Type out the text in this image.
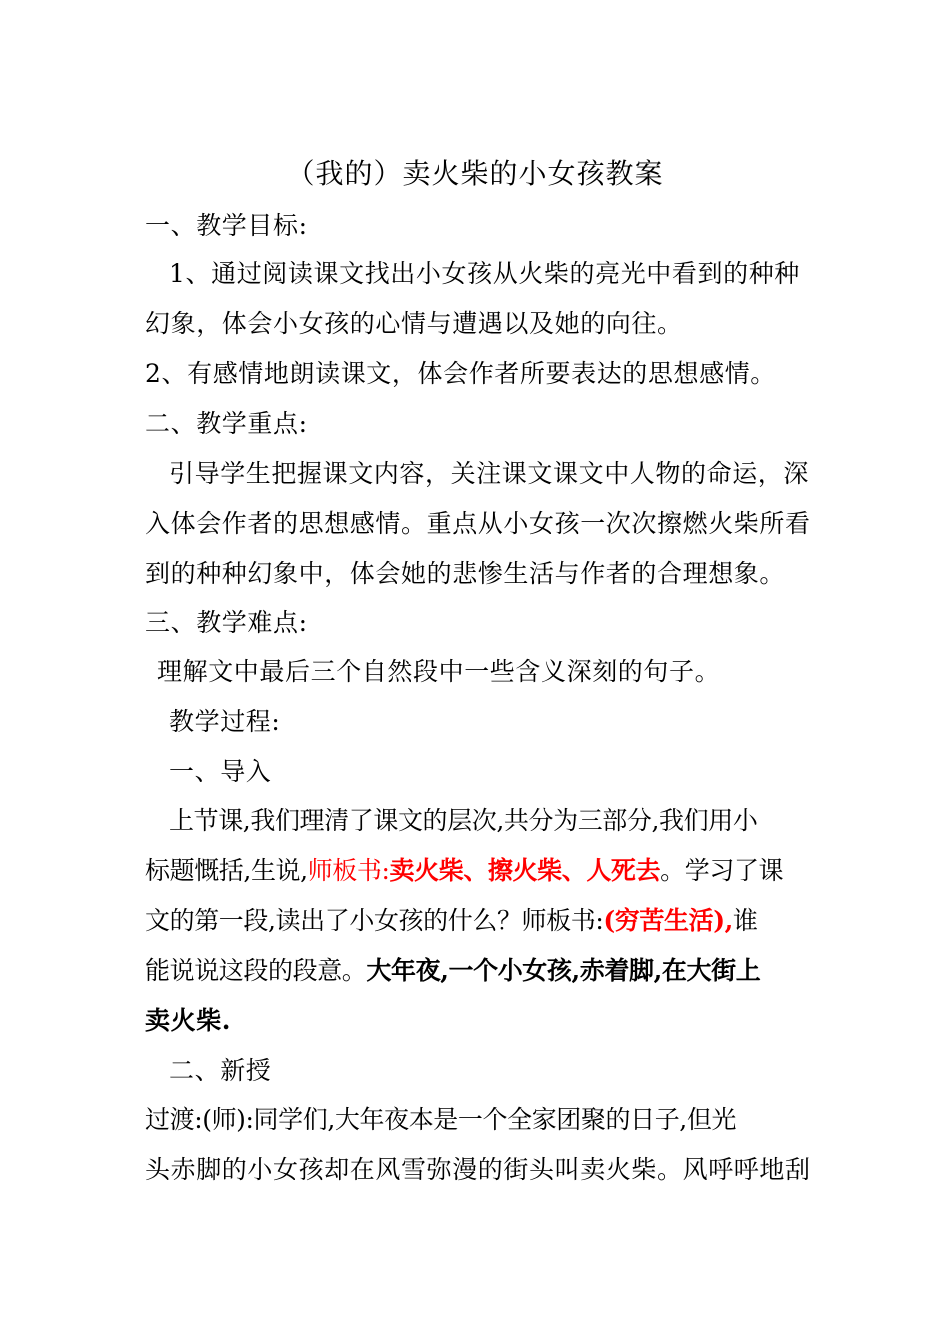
（我的）卖火柴的小女孩教案
一、教学目标:
1、通过阅读课文找出小女孩从火柴的亮光中看到的种种
幻象，体会小女孩的心情与遭遇以及她的向往。
2、有感情地朗读课文，体会作者所要表达的思想感情。
二、教学重点:
引导学生把握课文内容，关注课文课文中人物的命运，深
入体会作者的思想感情。重点从小女孩一次次擦燃火柴所看
到的种种幻象中，体会她的悲惨生活与作者的合理想象。
三、教学难点:
理解文中最后三个自然段中一些含义深刻的句子。
教学过程:
一、导入
上节课,我们理清了课文的层次,共分为三部分,我们用小
标题慨括,生说,师板书:卖火柴、擦火柴、人死去。学习了课
文的第一段,读出了小女孩的什么？师板书:(穷苦生活),谁
能说说这段的段意。大年夜,一个小女孩,赤着脚,在大街上
卖火柴.
二、新授
过渡:(师):同学们,大年夜本是一个全家团聚的日子,但光
头赤脚的小女孩却在风雪弥漫的街头叫卖火柴。风呼呼地刮
